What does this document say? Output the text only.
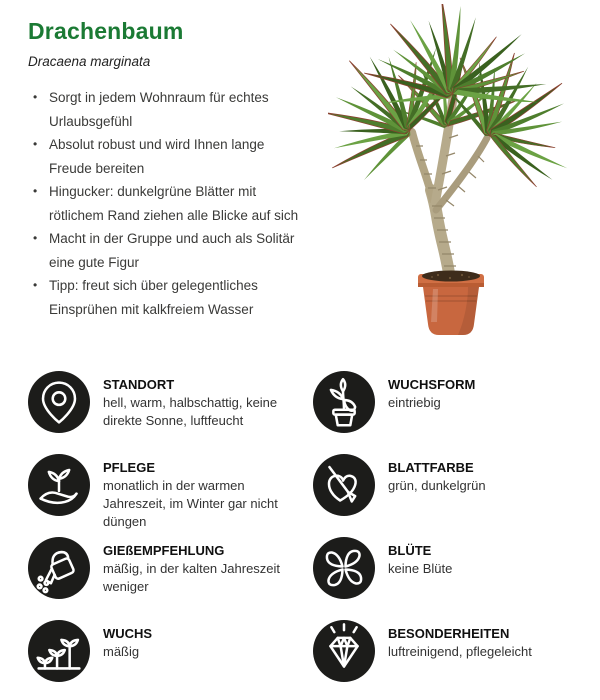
Drachenbaum

Dracaena marginata

• Sorgt in jedem Wohnraum für echtes Urlaubsgefühl
• Absolut robust und wird Ihnen lange Freude bereiten
• Hingucker: dunkelgrüne Blätter mit rötlichem Rand ziehen alle Blicke auf sich
• Macht in der Gruppe und auch als Solitär eine gute Figur
• Tipp: freut sich über gelegentliches Einsprühen mit kalkfreiem Wasser
STANDORT
hell, warm, halbschattig, keine direkte Sonne, luftfeucht
WUCHSFORM
eintriebig
PFLEGE
monatlich in der warmen Jahreszeit, im Winter gar nicht düngen
BLATTFARBE
grün, dunkelgrün
GIEßEMPFEHLUNG
mäßig, in der kalten Jahreszeit weniger
BLÜTE
keine Blüte
WUCHS
mäßig
BESONDERHEITEN
luftreinigend, pflegeleicht
